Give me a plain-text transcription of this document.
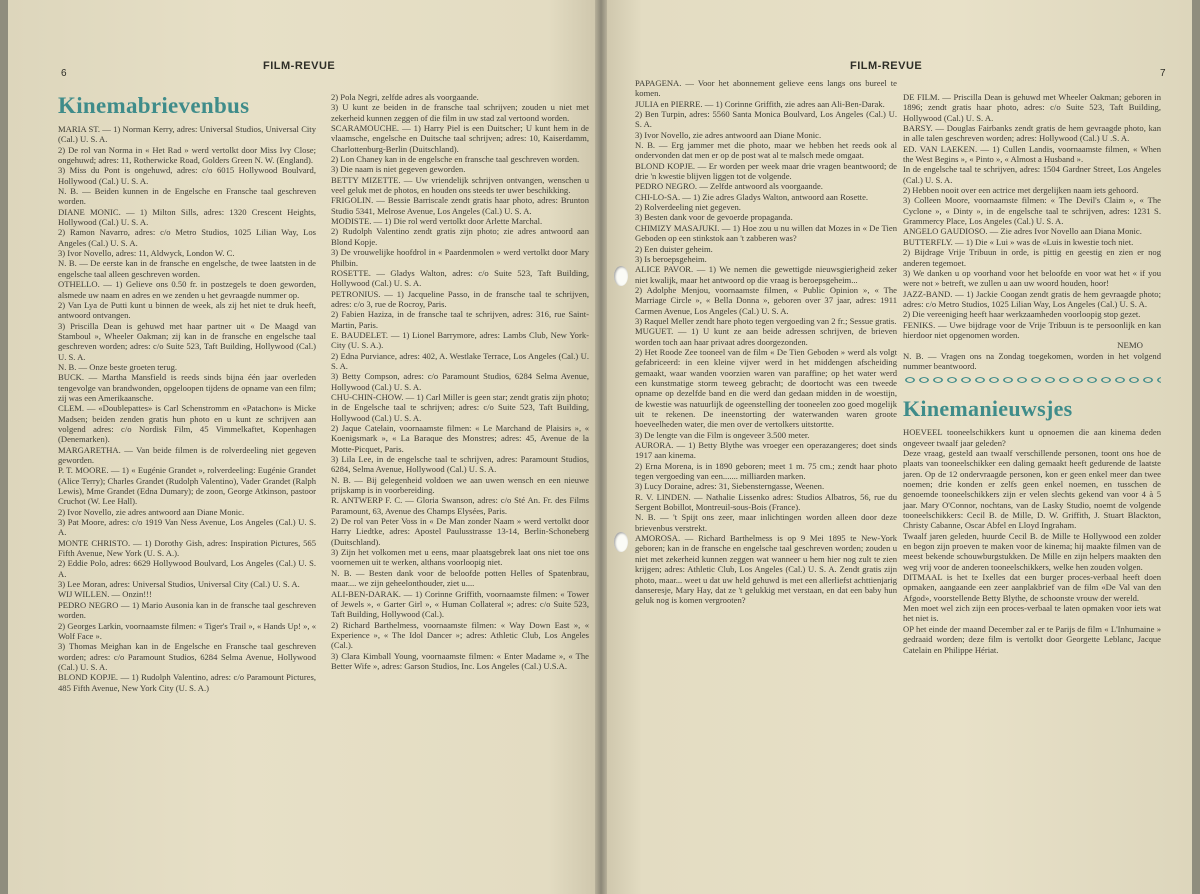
6
FILM-REVUE
Kinemabrievenbus

MARIA ST. — 1) Norman Kerry, adres: Universal Studios, Universal City (Cal.) U. S. A.

2) De rol van Norma in « Het Rad » werd vertolkt door Miss Ivy Close; ongehuwd; adres: 11, Rotherwicke Road, Golders Green N. W. (England).

3) Miss du Pont is ongehuwd, adres: c/o 6015 Hollywood Boulvard, Hollywood (Cal.) U. S. A.

N. B. — Beiden kunnen in de Engelsche en Fransche taal geschreven worden.

DIANE MONIC. — 1) Milton Sills, adres: 1320 Crescent Heights, Hollywood (Cal.) U. S. A.

2) Ramon Navarro, adres: c/o Metro Studios, 1025 Lilian Way, Los Angeles (Cal.) U. S. A.

3) Ivor Novello, adres: 11, Aldwyck, London W. C.

N. B. — De eerste kan in de fransche en engelsche, de twee laatsten in de engelsche taal alleen geschreven worden.

OTHELLO. — 1) Gelieve ons 0.50 fr. in postzegels te doen geworden, alsmede uw naam en adres en we zenden u het gevraagde nummer op.

2) Van Lya de Putti kunt u binnen de week, als zij het niet te druk heeft, antwoord ontvangen.

3) Priscilla Dean is gehuwd met haar partner uit « De Maagd van Stamboul », Wheeler Oakman; zij kan in de fransche en engelsche taal geschreven worden; adres: c/o Suite 523, Taft Building, Hollywood (Cal.) U. S. A.

N. B. — Onze beste groeten terug.

BUCK. — Martha Mansfield is reeds sinds bijna één jaar overleden tengevolge van brandwonden, opgeloopen tijdens de opname van een film; zij was een Amerikaansche.

CLEM. — «Doublepattes» is Carl Schenstromm en «Patachon» is Micke Madsen; beiden zenden gratis hun photo en u kunt ze schrijven aan volgend adres: c/o Nordisk Film, 45 Vimmelkaftet, Kopenhagen (Denemarken).

MARGARETHA. — Van beide filmen is de rolverdeeling niet gegeven geworden.

P. T. MOORE. — 1) « Eugénie Grandet », rolverdeeling: Eugénie Grandet (Alice Terry); Charles Grandet (Rudolph Valentino), Vader Grandet (Ralph Lewis), Mme Grandet (Edna Dumary); de zoon, George Atkinson, pastoor Cruchot (W. Lee Hall).

2) Ivor Novello, zie adres antwoord aan Diane Monic.

3) Pat Moore, adres: c/o 1919 Van Ness Avenue, Los Angeles (Cal.) U. S. A.

MONTE CHRISTO. — 1) Dorothy Gish, adres: Inspiration Pictures, 565 Fifth Avenue, New York (U. S. A.).

2) Eddie Polo, adres: 6629 Hollywood Boulvard, Los Angeles (Cal.) U. S. A.

3) Lee Moran, adres: Universal Studios, Universal City (Cal.) U. S. A.

WIJ WILLEN. — Onzin!!!

PEDRO NEGRO — 1) Mario Ausonia kan in de fransche taal geschreven worden.

2) Georges Larkin, voornaamste filmen: « Tiger's Trail », « Hands Up! », « Wolf Face ».

3) Thomas Meighan kan in de Engelsche en Fransche taal geschreven worden; adres: c/o Paramount Studios, 6284 Selma Avenue, Hollywood (Cal.) U. S. A.

BLOND KOPJE. — 1) Rudolph Valentino, adres: c/o Paramount Pictures, 485 Fifth Avenue, New York City (U. S. A.)

2) Pola Negri, zelfde adres als voorgaande.

3) U kunt ze beiden in de fransche taal schrijven; zouden u niet met zekerheid kunnen zeggen of die film in uw stad zal vertoond worden.

SCARAMOUCHE. — 1) Harry Piel is een Duitscher; U kunt hem in de vlaamsche, engelsche en Duitsche taal schrijven; adres: 10, Kaiserdamm, Charlottenburg-Berlin (Duitschland).

2) Lon Chaney kan in de engelsche en fransche taal geschreven worden.

3) Die naam is niet gegeven geworden.

BETTY MIZETTE. — Uw vriendelijk schrijven ontvangen, wenschen u veel geluk met de photos, en houden ons steeds ter uwer beschikking.

FRIGOLIN. — Bessie Barriscale zendt gratis haar photo, adres: Brunton Studio 5341, Melrose Avenue, Los Angeles (Cal.) U. S. A.

MODISTE. — 1) Die rol werd vertolkt door Arlette Marchal.

2) Rudolph Valentino zendt gratis zijn photo; zie adres antwoord aan Blond Kopje.

3) De vrouwelijke hoofdrol in « Paardenmolen » werd vertolkt door Mary Philbin.

ROSETTE. — Gladys Walton, adres: c/o Suite 523, Taft Building, Hollywood (Cal.) U. S. A.

PETRONIUS. — 1) Jacqueline Passo, in de fransche taal te schrijven, adres: c/o 3, rue de Rocroy, Paris.

2) Fabien Haziza, in de fransche taal te schrijven, adres: 316, rue Saint-Martin, Paris.

E. BAUDELET. — 1) Lionel Barrymore, adres: Lambs Club, New York-City (U. S. A.).

2) Edna Purviance, adres: 402, A. Westlake Terrace, Los Angeles (Cal.) U. S. A.

3) Betty Compson, adres: c/o Paramount Studios, 6284 Selma Avenue, Hollywood (Cal.) U. S. A.

CHU-CHIN-CHOW. — 1) Carl Miller is geen star; zendt gratis zijn photo; in de Engelsche taal te schrijven; adres: c/o Suite 523, Taft Building, Hollywood (Cal.) U. S. A.

2) Jaque Catelain, voornaamste filmen: « Le Marchand de Plaisirs », « Koenigsmark », « La Baraque des Monstres; adres: 45, Avenue de la Motte-Picquet, Paris.

3) Lila Lee, in de engelsche taal te schrijven, adres: Paramount Studios, 6284, Selma Avenue, Hollywood (Cal.) U. S. A.

N. B. — Bij gelegenheid voldoen we aan uwen wensch en een nieuwe prijskamp is in voorbereiding.

R. ANTWERP F. C. — Gloria Swanson, adres: c/o Sté An. Fr. des Films Paramount, 63, Avenue des Champs Elysées, Paris.

2) De rol van Peter Voss in « De Man zonder Naam » werd vertolkt door Harry Liedtke, adres: Apostel Paulusstrasse 13-14, Berlin-Schoneberg (Duitschland).

3) Zijn het volkomen met u eens, maar plaatsgebrek laat ons niet toe ons voornemen uit te werken, althans voorloopig niet.

N. B. — Besten dank voor de beloofde potten Helles of Spatenbrau, maar.... we zijn geheelonthouder, ziet u....

ALI-BEN-DARAK. — 1) Corinne Griffith, voornaamste filmen: « Tower of Jewels », « Garter Girl », « Human Collateral »; adres: c/o Suite 523, Taft Building, Hollywood (Cal.).

2) Richard Barthelmess, voornaamste filmen: « Way Down East », « Experience », « The Idol Dancer »; adres: Athletic Club, Los Angeles (Cal.).

3) Clara Kimball Young, voornaamste filmen: « Enter Madame », « The Better Wife », adres: Garson Studios, Inc. Los Angeles (Cal.) U.S.A.

FILM-REVUE
7

PAPAGENA. — Voor het abonnement gelieve eens langs ons bureel te komen.

JULIA en PIERRE. — 1) Corinne Griffith, zie adres aan Ali-Ben-Darak.

2) Ben Turpin, adres: 5560 Santa Monica Boulvard, Los Angeles (Cal.) U. S. A.

3) Ivor Novello, zie adres antwoord aan Diane Monic.

N. B. — Erg jammer met die photo, maar we hebben het reeds ook al ondervonden dat men er op de post wat al te malsch mede omgaat.

BLOND KOPJE. — Er worden per week maar drie vragen beantwoord; de drie 'n kwestie blijven liggen tot de volgende.

PEDRO NEGRO. — Zelfde antwoord als voorgaande.

CHI-LO-SA. — 1) Zie adres Gladys Walton, antwoord aan Rosette.

2) Rolverdeeling niet gegeven.

3) Besten dank voor de gevoerde propaganda.

CHIMIZY MASAJUKI. — 1) Hoe zou u nu willen dat Mozes in « De Tien Geboden op een stinkstok aan 't zabberen was?

2) Een duister geheim.

3) Is beroepsgeheim.

ALICE PAVOR. — 1) We nemen die gewettigde nieuwsgierigheid zeker niet kwalijk, maar het antwoord op die vraag is beroepsgeheim...

2) Adolphe Menjou, voornaamste filmen, « Public Opinion », « The Marriage Circle », « Bella Donna », geboren over 37 jaar, adres: 1911 Carmen Avenue, Los Angeles (Cal.) U. S. A.

3) Raquel Meller zendt hare photo tegen vergoeding van 2 fr.; Sessue gratis.

MUGUET. — 1) U kunt ze aan beide adressen schrijven, de brieven worden toch aan haar privaat adres doorgezonden.

2) Het Roode Zee tooneel van de film « De Tien Geboden » werd als volgt gefabriceerd: in een kleine vijver werd in het middengen afscheiding gemaakt, waar wanden voorzien waren van paraffine; op het water werd een kunstmatige storm teweeg gebracht; de doortocht was een tweede opname op dezelfde band en die werd dan gedaan midden in de woestijn, de kwestie was natuurlijk de ogeenstelling der tooneelen zoo goed mogelijk uit te rekenen. De ineenstorting der waterwanden waren groote hoeveelheden water, die men over de vertolkers uitstortte.

3) De lengte van die Film is ongeveer 3.500 meter.

AURORA. — 1) Betty Blythe was vroeger een operazangeres; doet sinds 1917 aan kinema.

2) Erna Morena, is in 1890 geboren; meet 1 m. 75 cm.; zendt haar photo tegen vergoeding van een....... milliarden marken.

3) Lucy Doraine, adres: 31, Siebensterngasse, Weenen.

R. V. LINDEN. — Nathalie Lissenko adres: Studios Albatros, 56, rue du Sergent Bobillot, Montreuil-sous-Bois (France).

N. B. — 't Spijt ons zeer, maar inlichtingen worden alleen door deze brievenbus verstrekt.

AMOROSA. — Richard Barthelmess is op 9 Mei 1895 te New-York geboren; kan in de fransche en engelsche taal geschreven worden; zouden u niet met zekerheid kunnen zeggen wat wanneer u hem hier nog zult te zien krijgen; adres: Athletic Club, Los Angeles (Cal.) U. S. A. Zendt gratis zijn photo, maar... weet u dat uw held gehuwd is met een allerliefst achttienjarig danseresje, Mary Hay, dat ze 't gelukkig met verstaan, en dat een baby hun geluk nog is komen vergrooten?

DE FILM. — Priscilla Dean is gehuwd met Wheeler Oakman; geboren in 1896; zendt gratis haar photo, adres: c/o Suite 523, Taft Building, Hollywood (Cal.) U. S. A.

BARSY. — Douglas Fairbanks zendt gratis de hem gevraagde photo, kan in alle talen geschreven worden; adres: Hollywood (Cal.) U .S. A.

ED. VAN LAEKEN. — 1) Cullen Landis, voornaamste filmen, « When the West Begins », « Pinto », « Almost a Husband ».

In de engelsche taal te schrijven, adres: 1504 Gardner Street, Los Angeles (Cal.) U. S. A.

2) Hebben nooit over een actrice met dergelijken naam iets gehoord.

3) Colleen Moore, voornaamste filmen: « The Devil's Claim », « The Cyclone », « Dinty », in de engelsche taal te schrijven, adres: 1231 S. Grammercy Place, Los Angeles (Cal.) U. S. A.

ANGELO GAUDIOSO. — Zie adres Ivor Novello aan Diana Monic.

BUTTERFLY. — 1) Die « Lui » was de «Luis in kwestie toch niet.

2) Bijdrage Vrije Tribuun in orde, is pittig en geestig en zien er nog anderen tegemoet.

3) We danken u op voorhand voor het beloofde en voor wat het « if you were not » betreft, we zullen u aan uw woord houden, hoor!

JAZZ-BAND. — 1) Jackie Coogan zendt gratis de hem gevraagde photo; adres: c/o Metro Studios, 1025 Lilian Way, Los Angeles (Cal.) U. S. A.

2) Die vereeniging heeft haar werkzaamheden voorloopig stop gezet.

FENIKS. — Uwe bijdrage voor de Vrije Tribuun is te persoonlijk en kan hierdoor niet opgenomen worden.

NEMO

N. B. — Vragen ons na Zondag toegekomen, worden in het volgend nummer beantwoord.

Kinemanieuwsjes

HOEVEEL tooneelschikkers kunt u opnoemen die aan kinema deden ongeveer twaalf jaar geleden?

Deze vraag, gesteld aan twaalf verschillende personen, toont ons hoe de plaats van tooneelschikker een daling gemaakt heeft gedurende de laatste jaren. Op de 12 ondervraagde personen, kon er geen enkel meer dan twee noemen; drie konden er zelfs geen enkel noemen, en tusschen de genoemde tooneelschikkers zijn er velen slechts gekend van voor 4 à 5 jaar. Mary O'Connor, nochtans, van de Lasky Studio, noemt de volgende tooneelschikkers: Cecil B. de Mille, D. W. Griffith, J. Stuart Blackton, Christy Cabanne, Oscar Abfel en Lloyd Ingraham.

Twaalf jaren geleden, huurde Cecil B. de Mille te Hollywood een zolder en begon zijn proeven te maken voor de kinema; hij maakte filmen van de meest bekende schouwburgstukken. De Mille en zijn helpers maakten den weg vrij voor de anderen tooneelschikkers, welke hen zouden volgen.

DITMAAL is het te Ixelles dat een burger proces-verbaal heeft doen opmaken, aangaande een zeer aanplakbrief van de film «De Val van den Afgod», voorstellende Betty Blythe, de schoonste vrouw der wereld.

Men moet wel zich zijn een proces-verbaal te laten opmaken voor iets wat het niet is.

OP het einde der maand December zal er te Parijs de film « L'Inhumaine » gedraaid worden; deze film is vertolkt door Georgette Leblanc, Jacque Catelain en Philippe Hériat.
